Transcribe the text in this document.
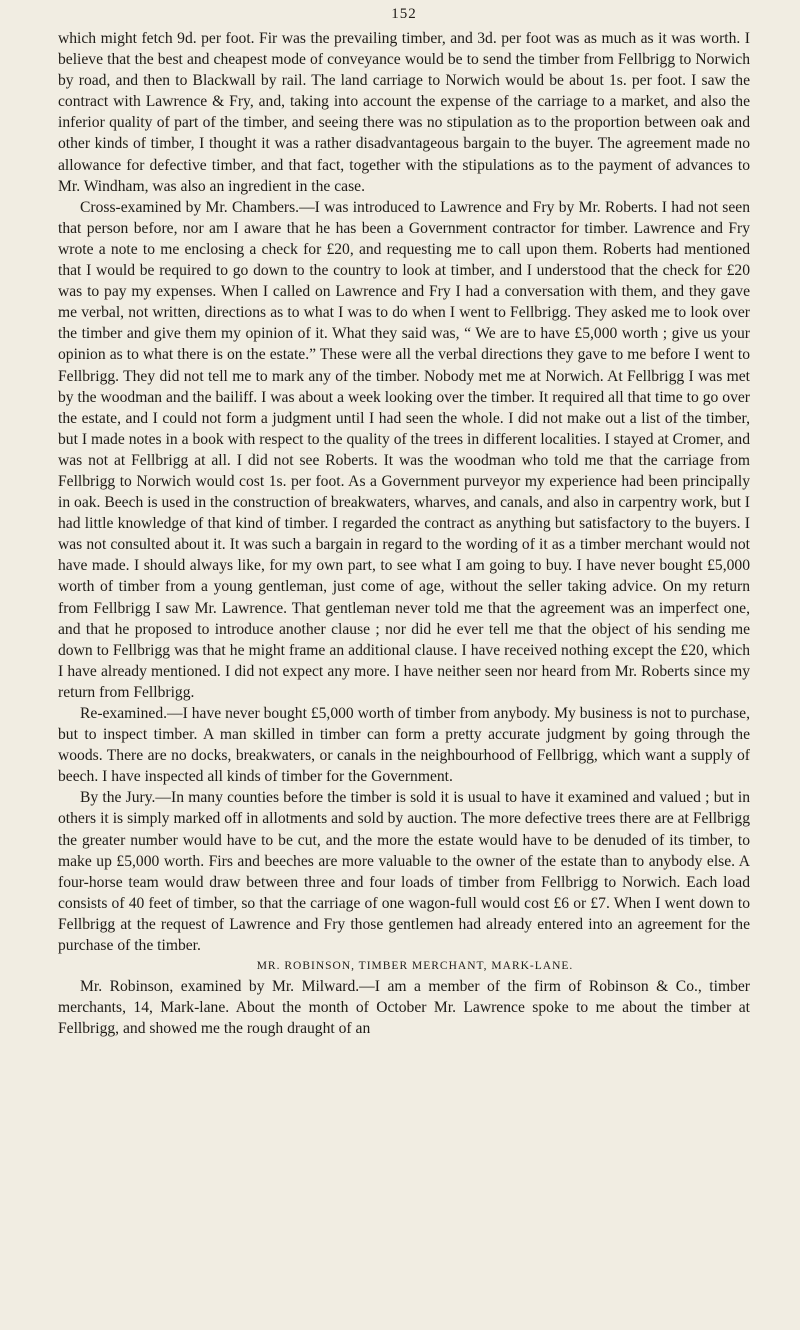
152

which might fetch 9d. per foot. Fir was the prevailing timber, and 3d. per foot was as much as it was worth. I believe that the best and cheapest mode of conveyance would be to send the timber from Fellbrigg to Norwich by road, and then to Blackwall by rail. The land carriage to Norwich would be about 1s. per foot. I saw the contract with Lawrence & Fry, and, taking into account the expense of the carriage to a market, and also the inferior quality of part of the timber, and seeing there was no stipulation as to the proportion between oak and other kinds of timber, I thought it was a rather disadvantageous bargain to the buyer. The agreement made no allowance for defective timber, and that fact, together with the stipulations as to the payment of advances to Mr. Windham, was also an ingredient in the case.

Cross-examined by Mr. Chambers.—I was introduced to Lawrence and Fry by Mr. Roberts. I had not seen that person before, nor am I aware that he has been a Government contractor for timber. Lawrence and Fry wrote a note to me enclosing a check for £20, and requesting me to call upon them. Roberts had mentioned that I would be required to go down to the country to look at timber, and I understood that the check for £20 was to pay my expenses. When I called on Lawrence and Fry I had a conversation with them, and they gave me verbal, not written, directions as to what I was to do when I went to Fellbrigg. They asked me to look over the timber and give them my opinion of it. What they said was, “ We are to have £5,000 worth ; give us your opinion as to what there is on the estate.” These were all the verbal directions they gave to me before I went to Fellbrigg. They did not tell me to mark any of the timber. Nobody met me at Norwich. At Fellbrigg I was met by the woodman and the bailiff. I was about a week looking over the timber. It required all that time to go over the estate, and I could not form a judgment until I had seen the whole. I did not make out a list of the timber, but I made notes in a book with respect to the quality of the trees in different localities. I stayed at Cromer, and was not at Fellbrigg at all. I did not see Roberts. It was the woodman who told me that the carriage from Fellbrigg to Norwich would cost 1s. per foot. As a Government purveyor my experience had been principally in oak. Beech is used in the construction of breakwaters, wharves, and canals, and also in carpentry work, but I had little knowledge of that kind of timber. I regarded the contract as anything but satisfactory to the buyers. I was not consulted about it. It was such a bargain in regard to the wording of it as a timber merchant would not have made. I should always like, for my own part, to see what I am going to buy. I have never bought £5,000 worth of timber from a young gentleman, just come of age, without the seller taking advice. On my return from Fellbrigg I saw Mr. Lawrence. That gentleman never told me that the agreement was an imperfect one, and that he proposed to introduce another clause ; nor did he ever tell me that the object of his sending me down to Fellbrigg was that he might frame an additional clause. I have received nothing except the £20, which I have already mentioned. I did not expect any more. I have neither seen nor heard from Mr. Roberts since my return from Fellbrigg.

Re-examined.—I have never bought £5,000 worth of timber from anybody. My business is not to purchase, but to inspect timber. A man skilled in timber can form a pretty accurate judgment by going through the woods. There are no docks, breakwaters, or canals in the neighbourhood of Fellbrigg, which want a supply of beech. I have inspected all kinds of timber for the Government.

By the Jury.—In many counties before the timber is sold it is usual to have it examined and valued ; but in others it is simply marked off in allotments and sold by auction. The more defective trees there are at Fellbrigg the greater number would have to be cut, and the more the estate would have to be denuded of its timber, to make up £5,000 worth. Firs and beeches are more valuable to the owner of the estate than to anybody else. A four-horse team would draw between three and four loads of timber from Fellbrigg to Norwich. Each load consists of 40 feet of timber, so that the carriage of one wagon-full would cost £6 or £7. When I went down to Fellbrigg at the request of Lawrence and Fry those gentlemen had already entered into an agreement for the purchase of the timber.

MR. ROBINSON, TIMBER MERCHANT, MARK-LANE.

Mr. Robinson, examined by Mr. Milward.—I am a member of the firm of Robinson & Co., timber merchants, 14, Mark-lane. About the month of October Mr. Lawrence spoke to me about the timber at Fellbrigg, and showed me the rough draught of an
